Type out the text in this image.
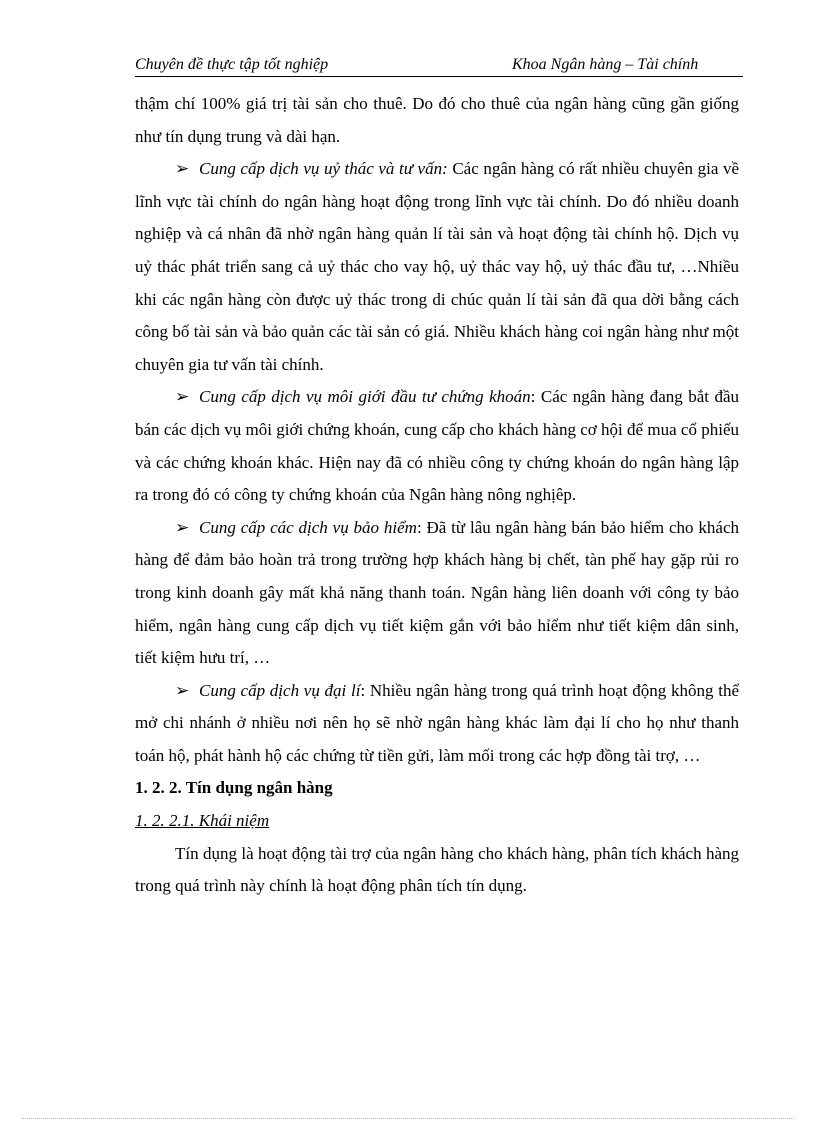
Chuyên đề thực tập tốt nghiệp	Khoa Ngân hàng – Tài chính

thậm chí 100% giá trị tài sản cho thuê. Do đó cho thuê của ngân hàng cũng gần giống như tín dụng trung và dài hạn.

➢ Cung cấp dịch vụ uỷ thác và tư vấn: Các ngân hàng có rất nhiều chuyên gia về lĩnh vực tài chính do ngân hàng hoạt động trong lĩnh vực tài chính. Do đó nhiều doanh nghiệp và cá nhân đã nhờ ngân hàng quản lí tài sản và hoạt động tài chính hộ. Dịch vụ uỷ thác phát triển sang cả uỷ thác cho vay hộ, uỷ thác vay hộ, uỷ thác đầu tư, …Nhiều khi các ngân hàng còn được uỷ thác trong di chúc quản lí tài sản đã qua dời bằng cách công bố tài sản và bảo quản các tài sản có giá. Nhiều khách hàng coi ngân hàng như một chuyên gia tư vấn tài chính.

➢ Cung cấp dịch vụ môi giới đầu tư chứng khoán: Các ngân hàng đang bắt đầu bán các dịch vụ môi giới chứng khoán, cung cấp cho khách hàng cơ hội để mua cổ phiếu và các chứng khoán khác. Hiện nay đã có nhiều công ty chứng khoán do ngân hàng lập ra trong đó có công ty chứng khoán của Ngân hàng nông nghịêp.

➢ Cung cấp các dịch vụ bảo hiểm: Đã từ lâu ngân hàng bán bảo hiểm cho khách hàng để đảm bảo hoàn trả trong trường hợp khách hàng bị chết, tàn phế hay gặp rủi ro trong kinh doanh gây mất khả năng thanh toán. Ngân hàng liên doanh với công ty bảo hiểm, ngân hàng cung cấp dịch vụ tiết kiệm gắn với bảo hỉểm như tiết kiệm dân sinh, tiết kiệm hưu trí, …

➢ Cung cấp dịch vụ đại lí: Nhiều ngân hàng trong quá trình hoạt động không thể mở chi nhánh ở nhiều nơi nên họ sẽ nhờ ngân hàng khác làm đại lí cho họ như thanh toán hộ, phát hành hộ các chứng từ tiền gửi, làm mối trong các hợp đồng tài trợ, …

1. 2. 2. Tín dụng ngân hàng

1. 2. 2.1. Khái niệm

Tín dụng là hoạt động tài trợ của ngân hàng cho khách hàng, phân tích khách hàng trong quá trình này chính là hoạt động phân tích tín dụng.
